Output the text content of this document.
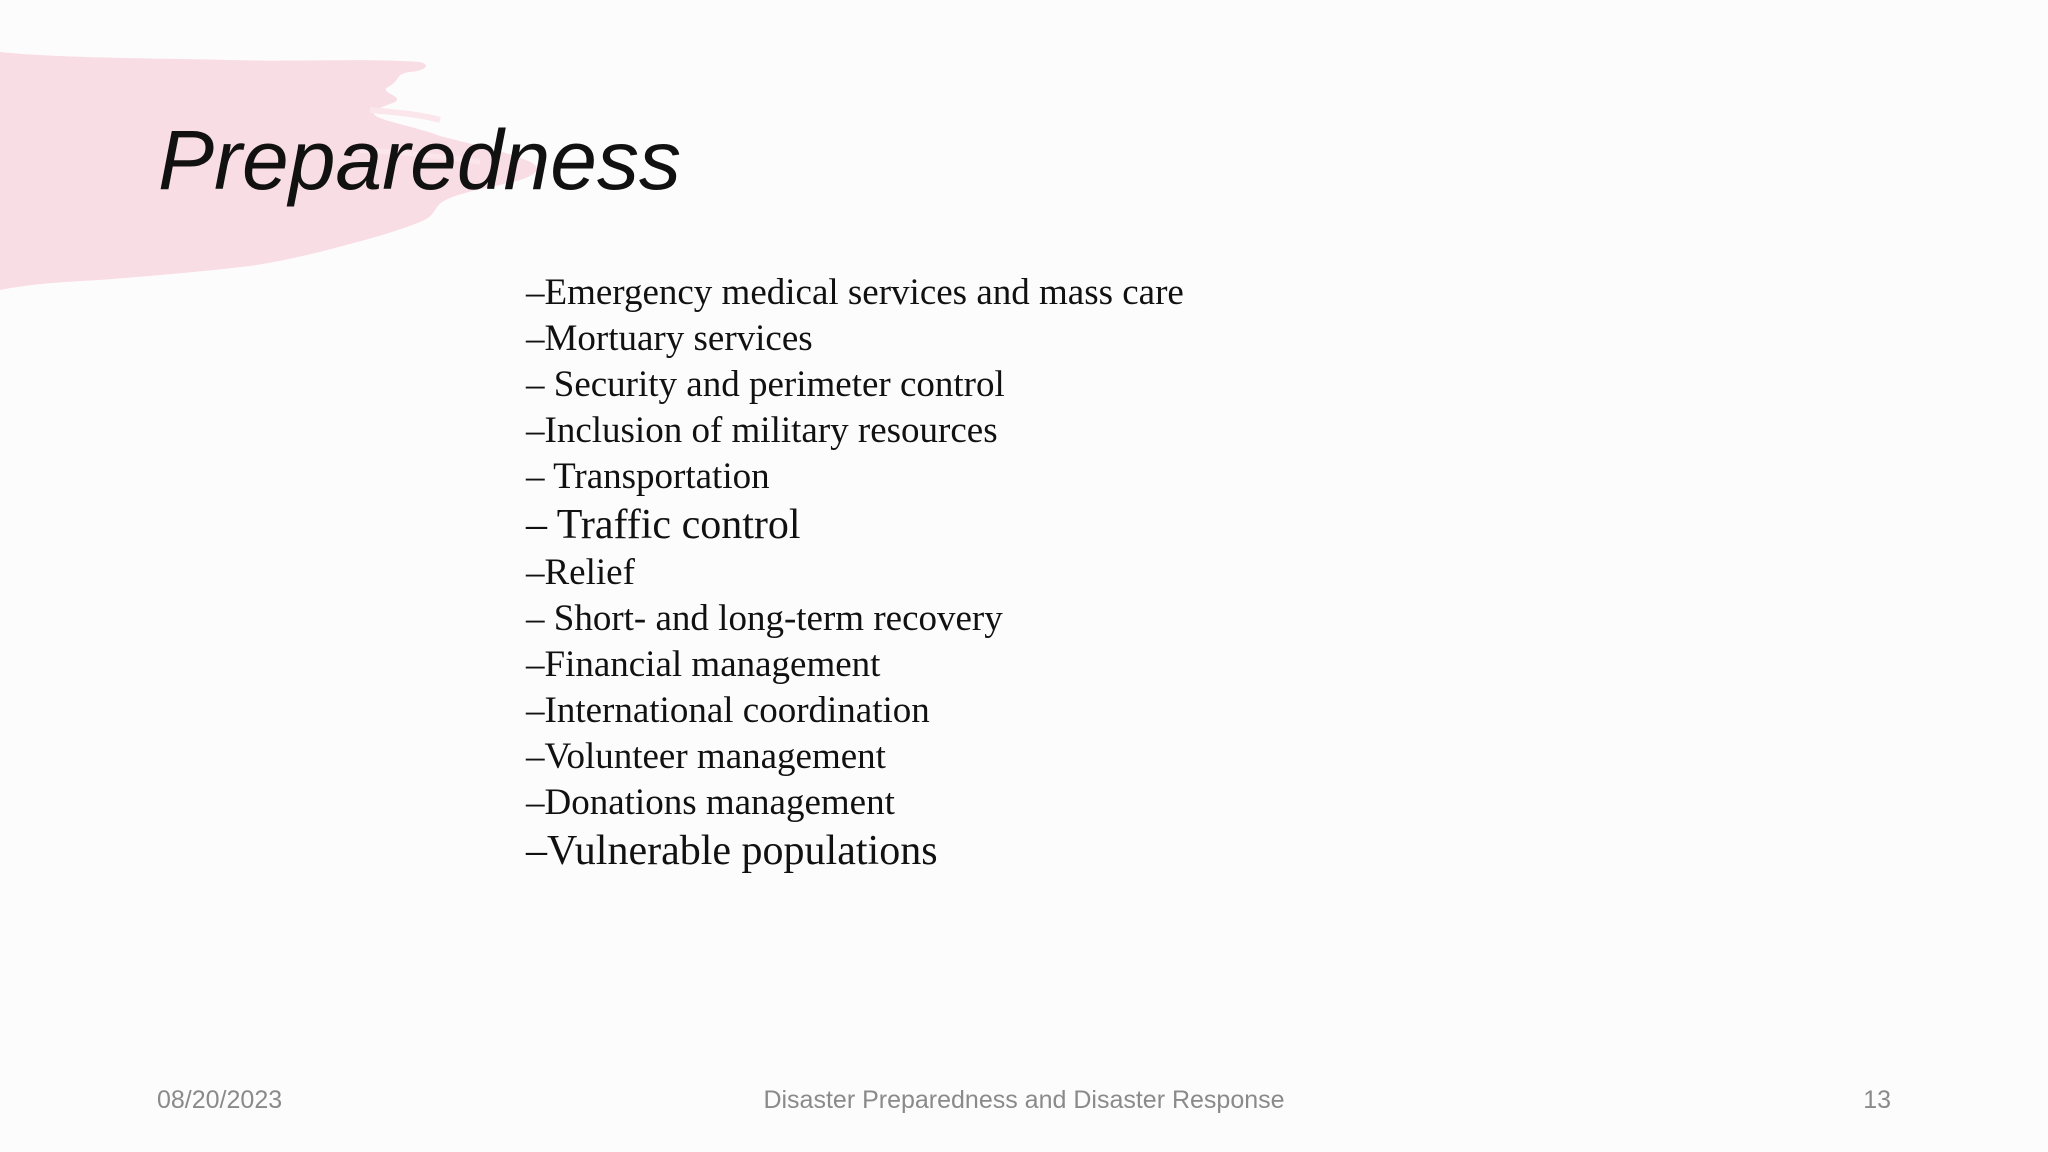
Preparedness
–Emergency medical services and mass care
–Mortuary services
– Security and perimeter control
–Inclusion of military resources
– Transportation
– Traffic control
–Relief
– Short- and long-term recovery
–Financial management
–International coordination
–Volunteer management
–Donations management
–Vulnerable populations
08/20/2023	Disaster Preparedness and Disaster Response	13
